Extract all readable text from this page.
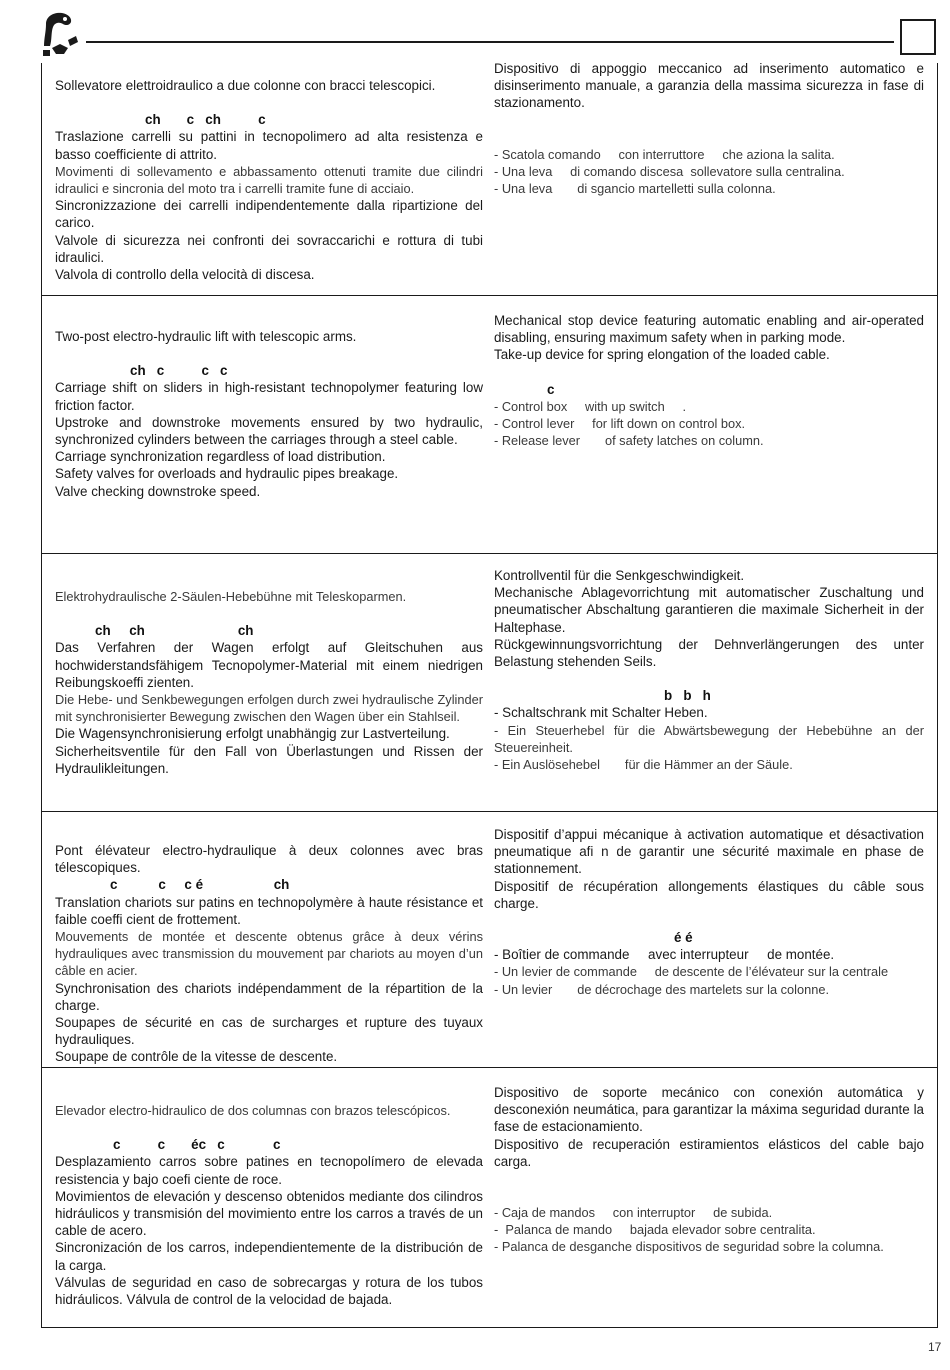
Sollevatore elettroidraulico a due colonne con bracci telescopici.
ch       c   ch          c
Traslazione carrelli su pattini in tecnopolimero ad alta resistenza e basso coefficiente di attrito.
Movimenti di sollevamento e abbassamento ottenuti tramite due cilindri idraulici e sincronia del moto tra i carrelli tramite fune di acciaio.
Sincronizzazione dei carrelli indipendentemente dalla ripartizione del carico.
Valvole di sicurezza nei confronti dei sovraccarichi e rottura di tubi idraulici.
Valvola di controllo della velocità di discesa.
Dispositivo di appoggio meccanico ad inserimento automatico e disinserimento manuale, a garanzia della massima sicurezza in fase di stazionamento.
- Scatola comando     con interruttore     che aziona la salita.
- Una leva     di comando discesa  sollevatore sulla centralina.
- Una leva       di sgancio martelletti sulla colonna.
Two-post electro-hydraulic lift with telescopic arms.
ch   c          c   c
Carriage shift on sliders in high-resistant technopolymer featuring low friction factor.
Upstroke and downstroke movements ensured by two hydraulic, synchronized cylinders between the carriages through a steel cable.
Carriage synchronization regardless of load distribution.
Safety valves for overloads and hydraulic pipes breakage.
Valve checking downstroke speed.
Mechanical stop device featuring automatic enabling and air-operated disabling, ensuring maximum safety when in parking mode.
Take-up device for spring elongation of the loaded cable.
c
- Control box     with up switch     .
- Control lever     for lift down on control box.
- Release lever       of safety latches on column.
Elektrohydraulische 2-Säulen-Hebebühne mit Teleskoparmen.
ch     ch                         ch
Das Verfahren der Wagen erfolgt auf Gleitschuhen aus hochwiderstandsfähigem Tecnopolymer-Material mit einem niedrigen Reibungskoeffi zienten.
Die Hebe- und Senkbewegungen erfolgen durch zwei hydraulische Zylinder mit synchronisierter Bewegung zwischen den Wagen über ein Stahlseil.
Die Wagensynchronisierung erfolgt unabhängig zur Lastverteilung.
Sicherheitsventile für den Fall von Überlastungen und Rissen der Hydraulikleitungen.
Kontrollventil für die Senkgeschwindigkeit.
Mechanische Ablagevorrichtung mit automatischer Zuschaltung und pneumatischer Abschaltung garantieren die maximale Sicherheit in der Haltephase.
Rückgewinnungsvorrichtung der Dehnverlängerungen des unter Belastung stehenden Seils.
b   b   h
- Schaltschrank mit Schalter Heben.
- Ein Steuerhebel für die Abwärtsbewegung der Hebebühne an der Steuereinheit.
- Ein Auslösehebel       für die Hämmer an der Säule.
Pont élévateur electro-hydraulique à deux colonnes avec bras télescopiques.
c           c     c é                   ch
Translation chariots sur patins en technopolymère à haute résistance et faible coeffi cient de frottement.
Mouvements de montée et descente obtenus grâce à deux vérins hydrauliques avec transmission du mouvement par chariots au moyen d’un câble en acier.
Synchronisation des chariots indépendamment de la répartition de la charge.
Soupapes de sécurité en cas de surcharges et rupture des tuyaux hydrauliques.
Soupape de contrôle de la vitesse de descente.
Dispositif d’appui mécanique à activation automatique et désactivation pneumatique afi n de garantir une sécurité maximale en phase de stationnement.
Dispositif de récupération allongements élastiques du câble sous charge.
é é
- Boîtier de commande     avec interrupteur     de montée.
- Un levier de commande     de descente de l’élévateur sur la centrale
- Un levier       de décrochage des martelets sur la colonne.
Elevador electro-hidraulico de dos columnas con brazos telescópicos.
c          c       éc   c             c
Desplazamiento carros sobre patines en tecnopolímero de elevada resistencia y bajo coefi ciente de roce.
Movimientos de elevación y descenso obtenidos mediante dos cilindros hidráulicos y transmisión del movimiento entre los carros a través de un cable de acero.
Sincronización de los carros, independientemente de la distribución de la carga.
Válvulas de seguridad en caso de sobrecargas y rotura de los tubos hidráulicos. Válvula de control de la velocidad de bajada.
Dispositivo de soporte mecánico con conexión automática y desconexión neumática, para garantizar la máxima seguridad durante la fase de estacionamiento.
Dispositivo de recuperación estiramientos elásticos del cable bajo carga.
- Caja de mandos     con interruptor     de subida.
-  Palanca de mando     bajada elevador sobre centralita.
- Palanca de desganche dispositivos de seguridad sobre la columna.
17
